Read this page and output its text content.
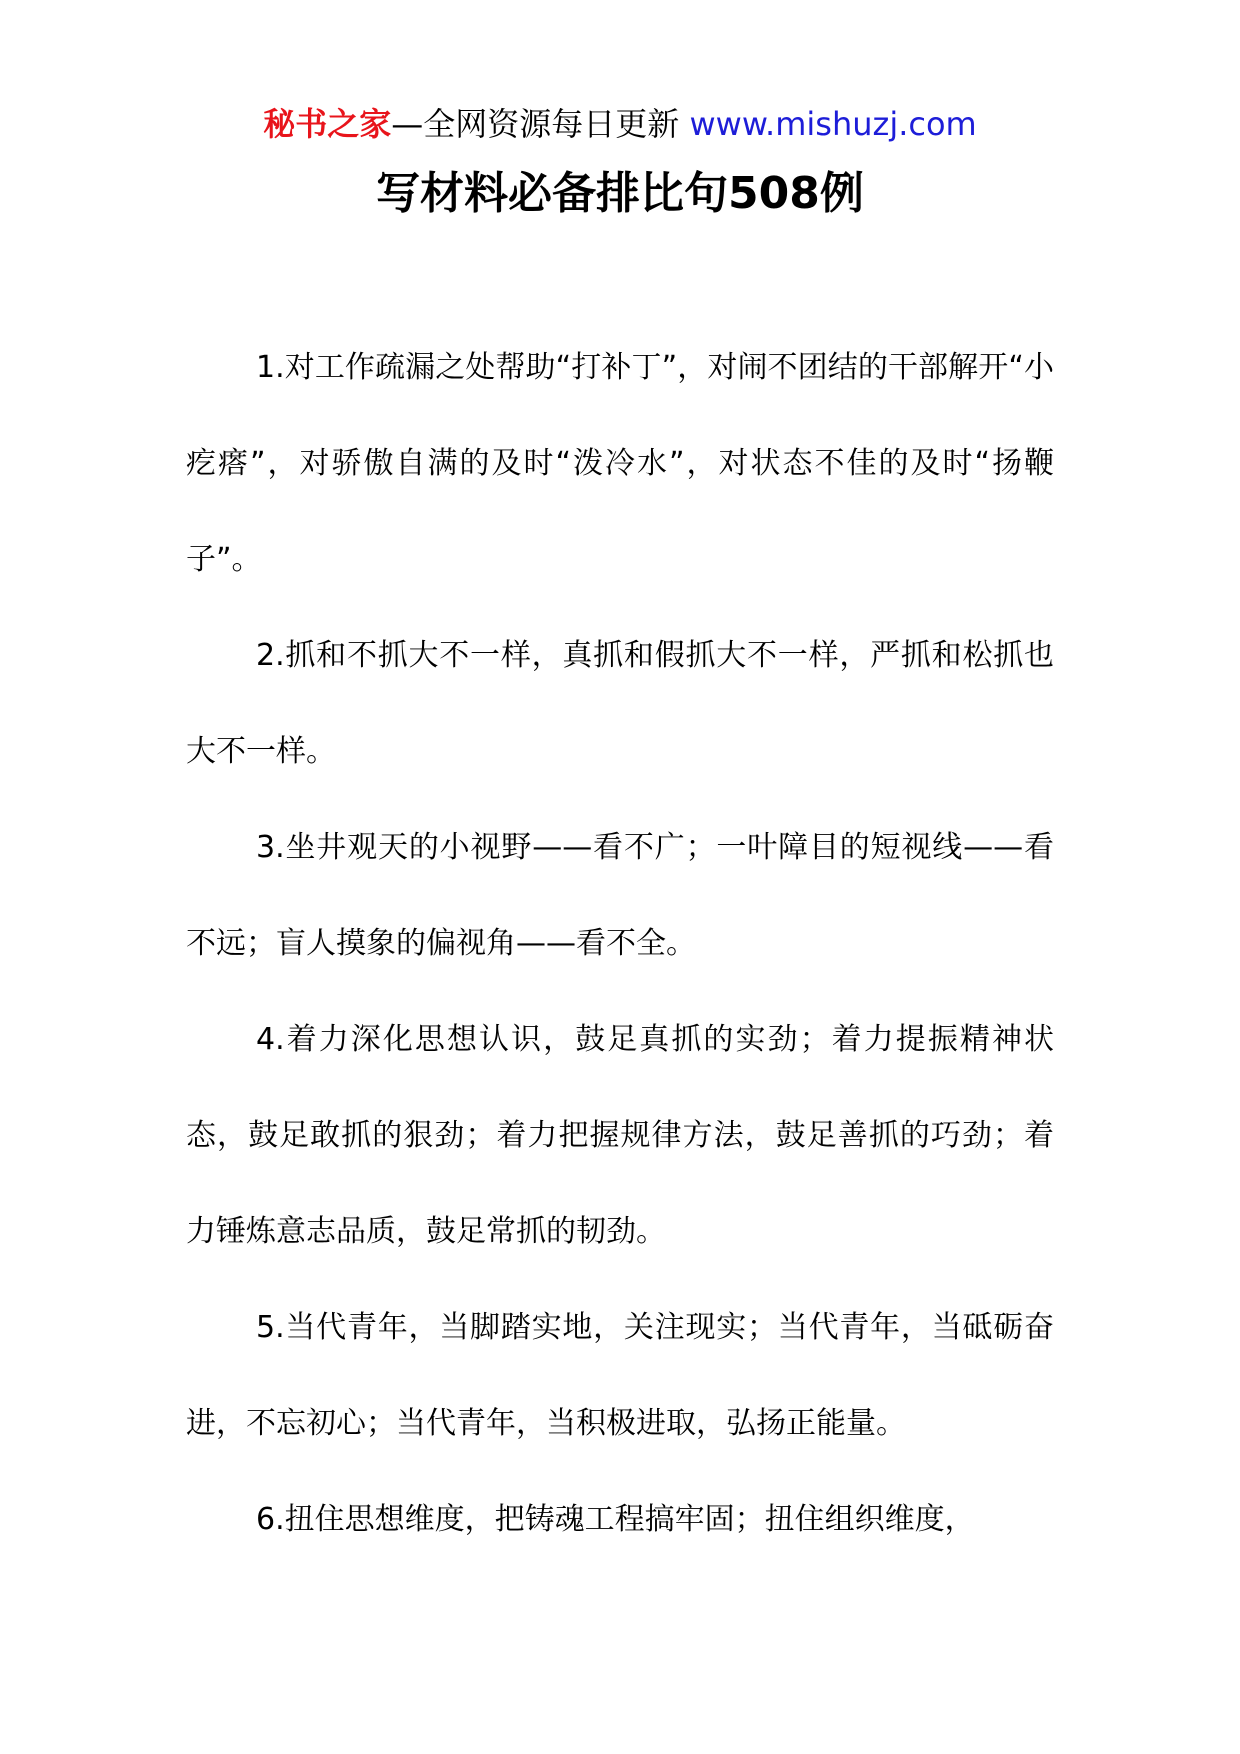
秘书之家—全网资源每日更新 www.mishuzj.com
写材料必备排比句508例

1.对工作疏漏之处帮助“打补丁”，对闹不团结的干部解开“小疙瘩”，对骄傲自满的及时“泼冷水”，对状态不佳的及时“扬鞭子”。

2.抓和不抓大不一样，真抓和假抓大不一样，严抓和松抓也大不一样。

3.坐井观天的小视野——看不广；一叶障目的短视线——看不远；盲人摸象的偏视角——看不全。

4.着力深化思想认识，鼓足真抓的实劲；着力提振精神状态，鼓足敢抓的狠劲；着力把握规律方法，鼓足善抓的巧劲；着力锤炼意志品质，鼓足常抓的韧劲。

5.当代青年，当脚踏实地，关注现实；当代青年，当砥砺奋进，不忘初心；当代青年，当积极进取，弘扬正能量。

6.扭住思想维度，把铸魂工程搞牢固；扭住组织维度，
